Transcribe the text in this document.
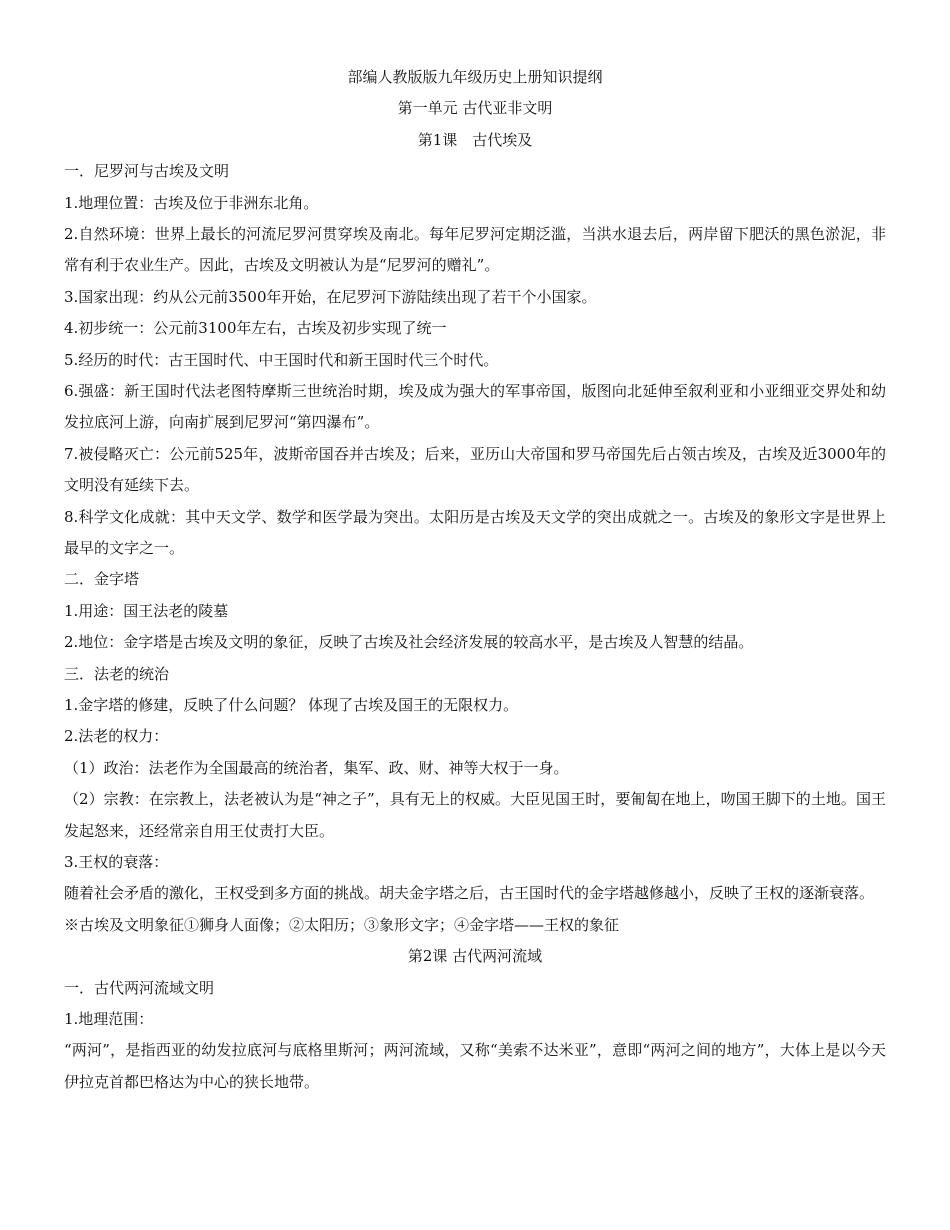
部编人教版版九年级历史上册知识提纲
第一单元 古代亚非文明
第1课　古代埃及

一．尼罗河与古埃及文明

1.地理位置：古埃及位于非洲东北角。

2.自然环境：世界上最长的河流尼罗河贯穿埃及南北。每年尼罗河定期泛滥，当洪水退去后，两岸留下肥沃的黑色淤泥，非常有利于农业生产。因此，古埃及文明被认为是“尼罗河的赠礼”。

3.国家出现：约从公元前3500年开始，在尼罗河下游陆续出现了若干个小国家。

4.初步统一：公元前3100年左右，古埃及初步实现了统一

5.经历的时代：古王国时代、中王国时代和新王国时代三个时代。

6.强盛：新王国时代法老图特摩斯三世统治时期，埃及成为强大的军事帝国，版图向北延伸至叙利亚和小亚细亚交界处和幼发拉底河上游，向南扩展到尼罗河“第四瀑布”。

7.被侵略灭亡：公元前525年，波斯帝国吞并古埃及；后来，亚历山大帝国和罗马帝国先后占领古埃及，古埃及近3000年的文明没有延续下去。

8.科学文化成就：其中天文学、数学和医学最为突出。太阳历是古埃及天文学的突出成就之一。古埃及的象形文字是世界上最早的文字之一。

二．金字塔

1.用途：国王法老的陵墓

2.地位：金字塔是古埃及文明的象征，反映了古埃及社会经济发展的较高水平，是古埃及人智慧的结晶。

三．法老的统治

1.金字塔的修建，反映了什么问题？ 体现了古埃及国王的无限权力。

2.法老的权力：

（1）政治：法老作为全国最高的统治者，集军、政、财、神等大权于一身。

（2）宗教：在宗教上，法老被认为是“神之子”，具有无上的权威。大臣见国王时，要匍匐在地上，吻国王脚下的土地。国王发起怒来，还经常亲自用王仗责打大臣。

3.王权的衰落：

随着社会矛盾的激化，王权受到多方面的挑战。胡夫金字塔之后，古王国时代的金字塔越修越小，反映了王权的逐渐衰落。

※古埃及文明象征①狮身人面像；②太阳历；③象形文字；④金字塔——王权的象征

第2课 古代两河流域

一．古代两河流域文明

1.地理范围：

“两河”，是指西亚的幼发拉底河与底格里斯河；两河流域，又称“美索不达米亚”，意即“两河之间的地方”，大体上是以今天伊拉克首都巴格达为中心的狭长地带。
